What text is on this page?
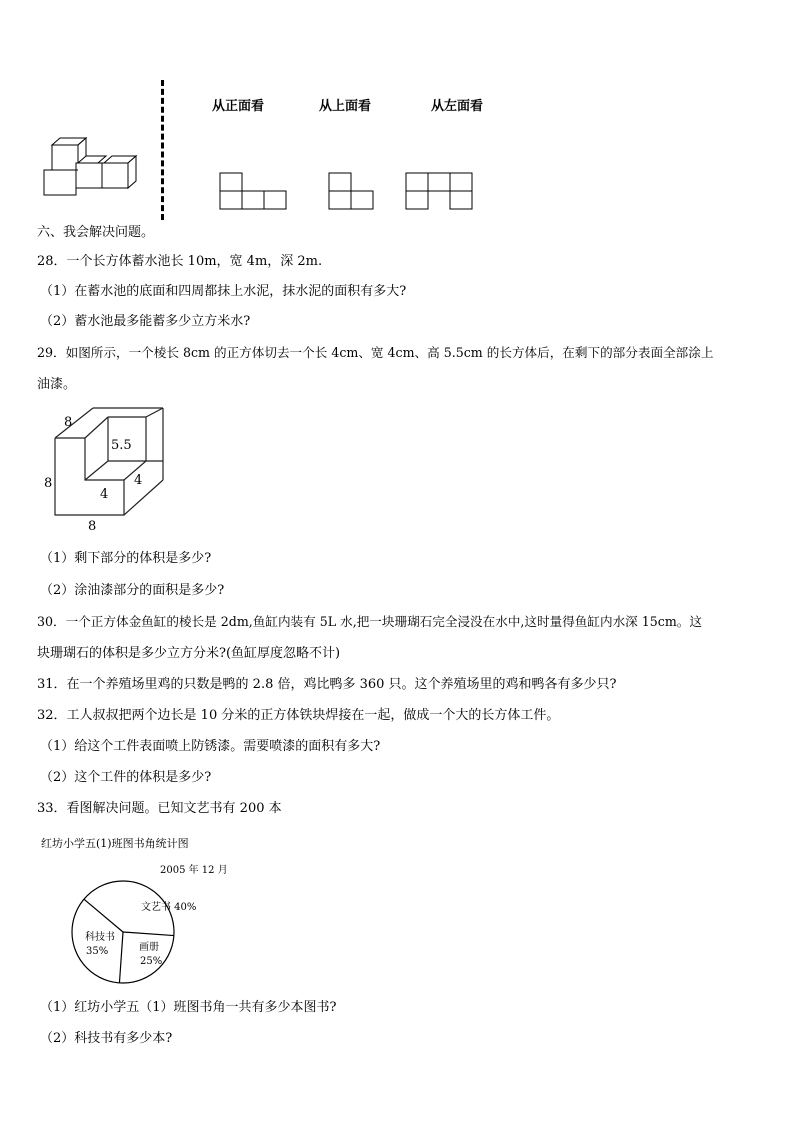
从正面看	从上面看	从左面看
六、我会解决问题。
28．一个长方体蓄水池长 10m，宽 4m，深 2m.
（1）在蓄水池的底面和四周都抹上水泥，抹水泥的面积有多大?
（2）蓄水池最多能蓄多少立方米水?
29．如图所示，一个棱长 8cm 的正方体切去一个长 4cm、宽 4cm、高 5.5cm 的长方体后，在剩下的部分表面全部涂上
油漆。
8
8
8
5.5
4
4
（1）剩下部分的体积是多少?
（2）涂油漆部分的面积是多少?
30．一个正方体金鱼缸的棱长是 2dm,鱼缸内装有 5L 水,把一块珊瑚石完全浸没在水中,这时量得鱼缸内水深 15cm。这
块珊瑚石的体积是多少立方分米?(鱼缸厚度忽略不计)
31．在一个养殖场里鸡的只数是鸭的 2.8 倍，鸡比鸭多 360 只。这个养殖场里的鸡和鸭各有多少只?
32．工人叔叔把两个边长是 10 分米的正方体铁块焊接在一起，做成一个大的长方体工件。
（1）给这个工件表面喷上防锈漆。需要喷漆的面积有多大?
（2）这个工件的体积是多少?
33．看图解决问题。已知文艺书有 200 本
红坊小学五(1)班图书角统计图
2005 年 12 月
文艺书 40%
画册
25%
科技书
35%
（1）红坊小学五（1）班图书角一共有多少本图书?
（2）科技书有多少本?
